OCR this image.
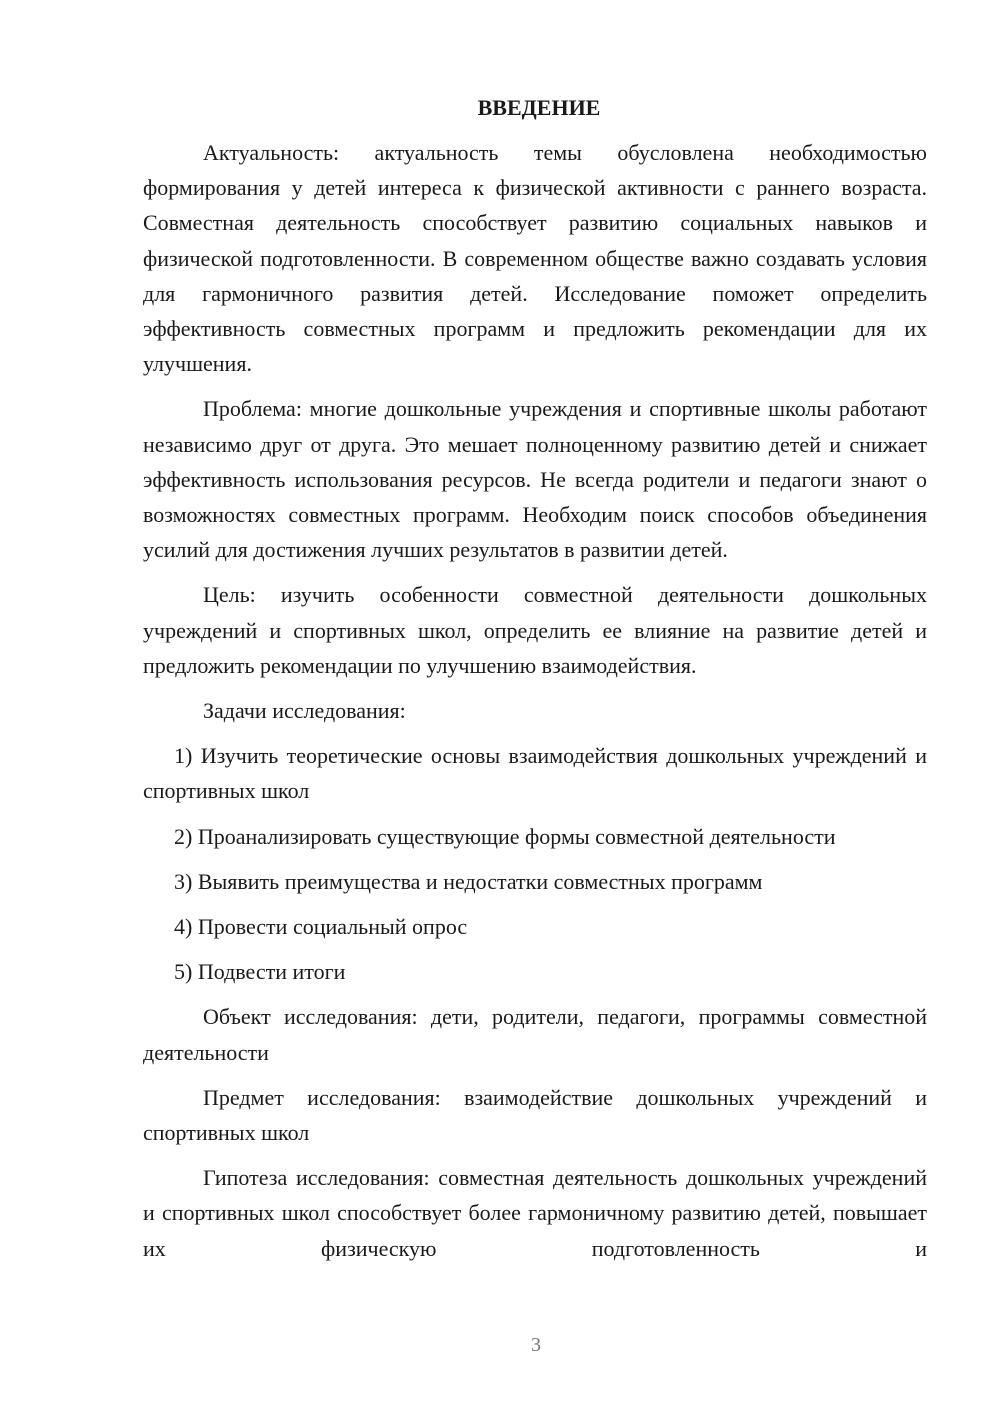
ВВЕДЕНИЕ

Актуальность: актуальность темы обусловлена необходимостью формирования у детей интереса к физической активности с раннего возраста. Совместная деятельность способствует развитию социальных навыков и физической подготовленности. В современном обществе важно создавать условия для гармоничного развития детей. Исследование поможет определить эффективность совместных программ и предложить рекомендации для их улучшения.

Проблема: многие дошкольные учреждения и спортивные школы работают независимо друг от друга. Это мешает полноценному развитию детей и снижает эффективность использования ресурсов. Не всегда родители и педагоги знают о возможностях совместных программ. Необходим поиск способов объединения усилий для достижения лучших результатов в развитии детей.

Цель: изучить особенности совместной деятельности дошкольных учреждений и спортивных школ, определить ее влияние на развитие детей и предложить рекомендации по улучшению взаимодействия.

Задачи исследования:

1) Изучить теоретические основы взаимодействия дошкольных учреждений и спортивных школ

2) Проанализировать существующие формы совместной деятельности

3) Выявить преимущества и недостатки совместных программ

4) Провести социальный опрос

5) Подвести итоги

Объект исследования: дети, родители, педагоги, программы совместной деятельности

Предмет исследования: взаимодействие дошкольных учреждений и спортивных школ

Гипотеза исследования: совместная деятельность дошкольных учреждений и спортивных школ способствует более гармоничному развитию детей, повышает их физическую подготовленность и

3
